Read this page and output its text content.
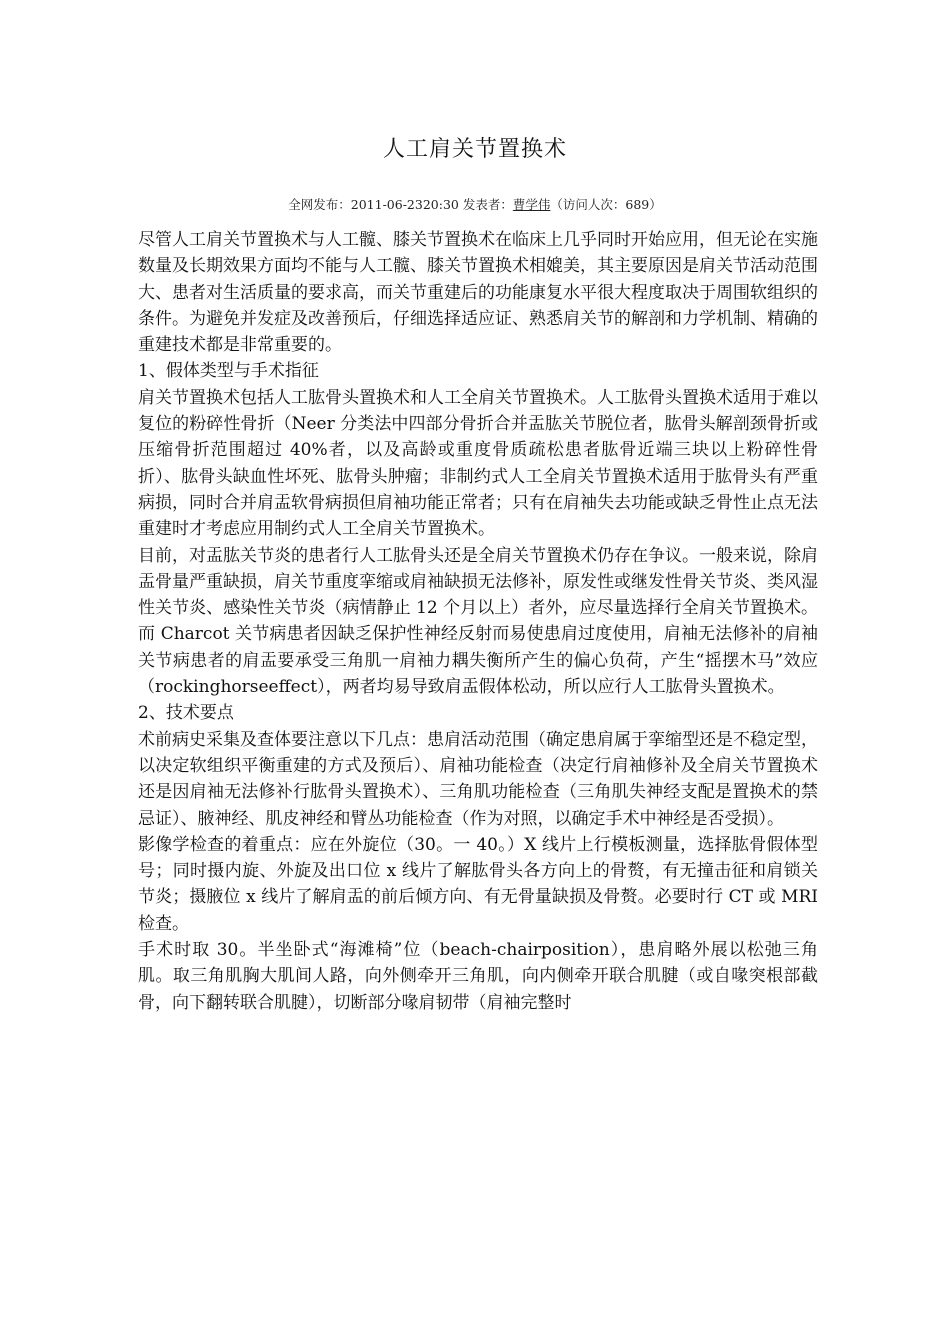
人工肩关节置换术
全网发布：2011-06-2320:30 发表者：曹学伟（访问人次：689）

尽管人工肩关节置换术与人工髋、膝关节置换术在临床上几乎同时开始应用，但无论在实施数量及长期效果方面均不能与人工髋、膝关节置换术相媲美，其主要原因是肩关节活动范围大、患者对生活质量的要求高，而关节重建后的功能康复水平很大程度取决于周围软组织的条件。为避免并发症及改善预后，仔细选择适应证、熟悉肩关节的解剖和力学机制、精确的重建技术都是非常重要的。

1、假体类型与手术指征

肩关节置换术包括人工肱骨头置换术和人工全肩关节置换术。人工肱骨头置换术适用于难以复位的粉碎性骨折（Neer 分类法中四部分骨折合并盂肱关节脱位者，肱骨头解剖颈骨折或压缩骨折范围超过 40%者，以及高龄或重度骨质疏松患者肱骨近端三块以上粉碎性骨折）、肱骨头缺血性坏死、肱骨头肿瘤；非制约式人工全肩关节置换术适用于肱骨头有严重病损，同时合并肩盂软骨病损但肩袖功能正常者；只有在肩袖失去功能或缺乏骨性止点无法重建时才考虑应用制约式人工全肩关节置换术。

目前，对盂肱关节炎的患者行人工肱骨头还是全肩关节置换术仍存在争议。一般来说，除肩盂骨量严重缺损，肩关节重度挛缩或肩袖缺损无法修补，原发性或继发性骨关节炎、类风湿性关节炎、感染性关节炎（病情静止 12 个月以上）者外，应尽量选择行全肩关节置换术。而 Charcot 关节病患者因缺乏保护性神经反射而易使患肩过度使用，肩袖无法修补的肩袖关节病患者的肩盂要承受三角肌一肩袖力耦失衡所产生的偏心负荷，产生“摇摆木马”效应（rockinghorseeffect），两者均易导致肩盂假体松动，所以应行人工肱骨头置换术。

2、技术要点

术前病史采集及查体要注意以下几点：患肩活动范围（确定患肩属于挛缩型还是不稳定型，以决定软组织平衡重建的方式及预后）、肩袖功能检查（决定行肩袖修补及全肩关节置换术还是因肩袖无法修补行肱骨头置换术）、三角肌功能检查（三角肌失神经支配是置换术的禁忌证）、腋神经、肌皮神经和臂丛功能检查（作为对照，以确定手术中神经是否受损）。

影像学检查的着重点：应在外旋位（30。一 40。）X 线片上行模板测量，选择肱骨假体型号；同时摄内旋、外旋及出口位 x 线片了解肱骨头各方向上的骨赘，有无撞击征和肩锁关节炎；摄腋位 x 线片了解肩盂的前后倾方向、有无骨量缺损及骨赘。必要时行 CT 或 MRI 检查。

手术时取 30。半坐卧式“海滩椅”位（beach-chairposition），患肩略外展以松弛三角肌。取三角肌胸大肌间人路，向外侧牵开三角肌，向内侧牵开联合肌腱（或自喙突根部截骨，向下翻转联合肌腱），切断部分喙肩韧带（肩袖完整时
